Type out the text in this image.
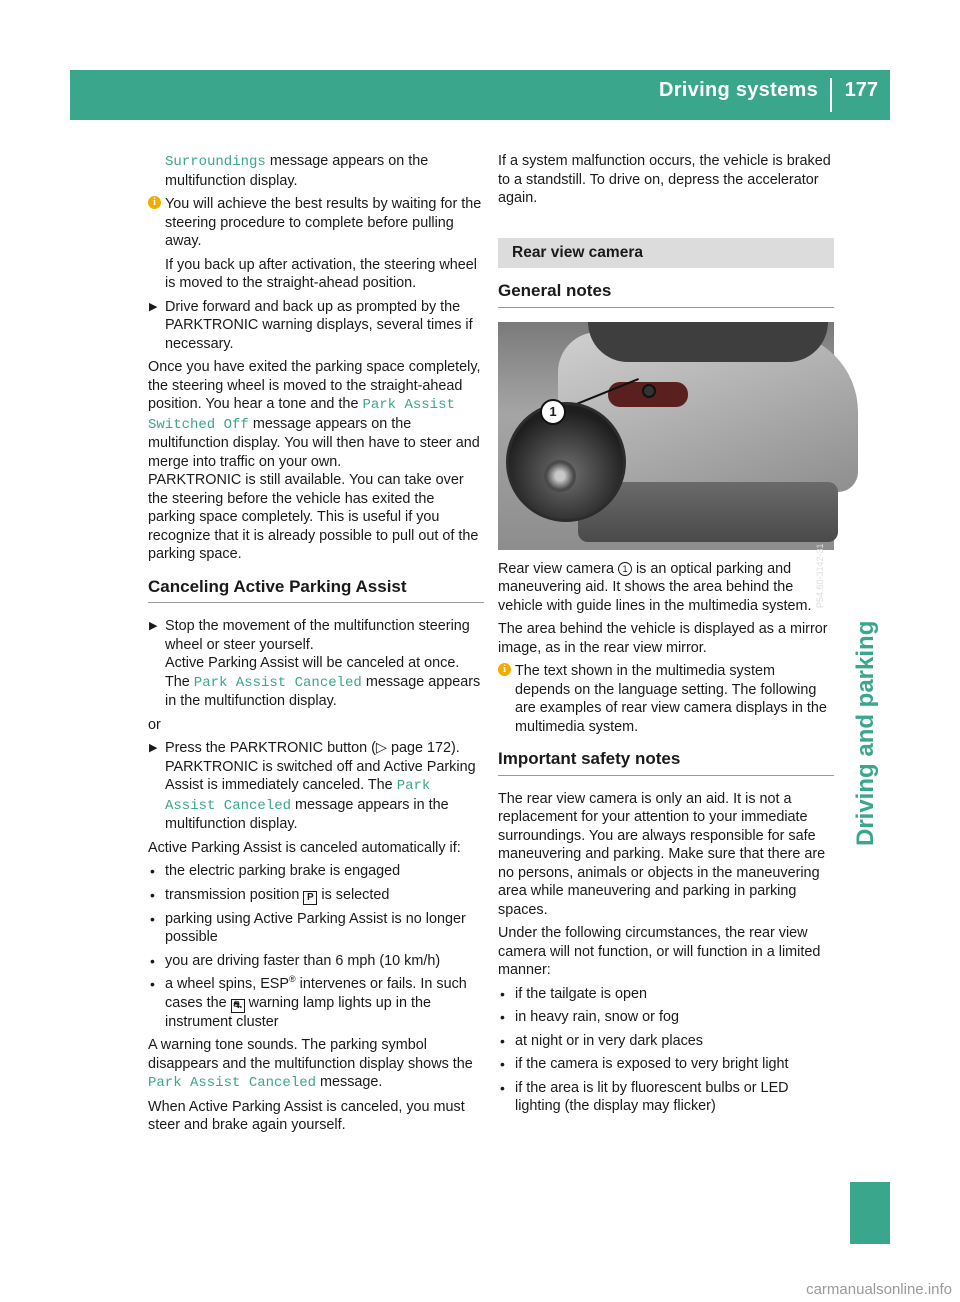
Driving systems 177
Driving and parking

Surroundings message appears on the multifunction display.

i You will achieve the best results by waiting for the steering procedure to complete before pulling away.

If you back up after activation, the steering wheel is moved to the straight-ahead position.

▶ Drive forward and back up as prompted by the PARKTRONIC warning displays, several times if necessary.

Once you have exited the parking space completely, the steering wheel is moved to the straight-ahead position. You hear a tone and the Park Assist Switched Off message appears on the multifunction display. You will then have to steer and merge into traffic on your own.

PARKTRONIC is still available. You can take over the steering before the vehicle has exited the parking space completely. This is useful if you recognize that it is already possible to pull out of the parking space.

Canceling Active Parking Assist
▶ Stop the movement of the multifunction steering wheel or steer yourself.

Active Parking Assist will be canceled at once. The Park Assist Canceled message appears in the multifunction display.

or

▶ Press the PARKTRONIC button (▷ page 172).

PARKTRONIC is switched off and Active Parking Assist is immediately canceled. The Park Assist Canceled message appears in the multifunction display.

Active Parking Assist is canceled automatically if:

• the electric parking brake is engaged

• transmission position P is selected

• parking using Active Parking Assist is no longer possible

• you are driving faster than 6 mph (10 km/h)

• a wheel spins, ESP® intervenes or fails. In such cases the ⛐ warning lamp lights up in the instrument cluster

A warning tone sounds. The parking symbol disappears and the multifunction display shows the Park Assist Canceled message.

When Active Parking Assist is canceled, you must steer and brake again yourself.

If a system malfunction occurs, the vehicle is braked to a standstill. To drive on, depress the accelerator again.

Rear view camera
General notes
1
P54.60-3142-31

Rear view camera 1 is an optical parking and maneuvering aid. It shows the area behind the vehicle with guide lines in the multimedia system.

The area behind the vehicle is displayed as a mirror image, as in the rear view mirror.

i The text shown in the multimedia system depends on the language setting. The following are examples of rear view camera displays in the multimedia system.

Important safety notes

The rear view camera is only an aid. It is not a replacement for your attention to your immediate surroundings. You are always responsible for safe maneuvering and parking. Make sure that there are no persons, animals or objects in the maneuvering area while maneuvering and parking in parking spaces.

Under the following circumstances, the rear view camera will not function, or will function in a limited manner:

• if the tailgate is open

• in heavy rain, snow or fog

• at night or in very dark places

• if the camera is exposed to very bright light

• if the area is lit by fluorescent bulbs or LED lighting (the display may flicker)

carmanualsonline.info
